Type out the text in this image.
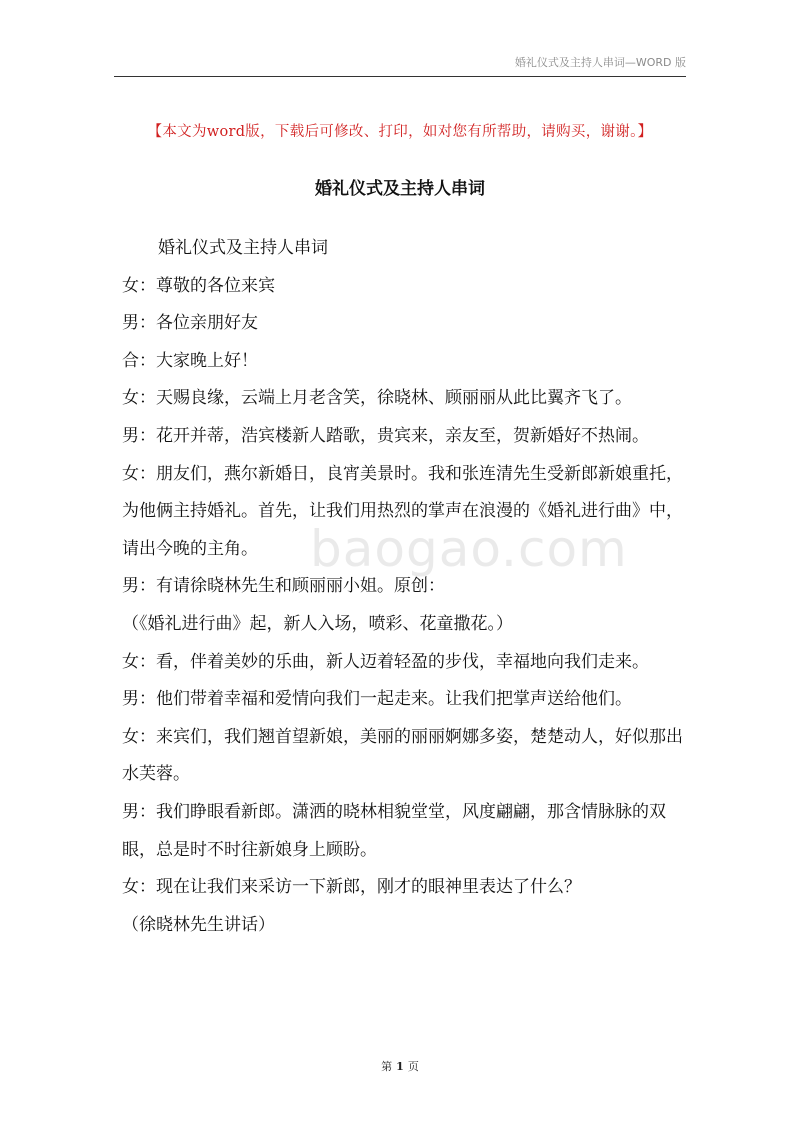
婚礼仪式及主持人串词—WORD 版
【本文为word版，下载后可修改、打印，如对您有所帮助，请购买，谢谢。】
婚礼仪式及主持人串词
baogao.com

婚礼仪式及主持人串词

女：尊敬的各位来宾

男：各位亲朋好友

合：大家晚上好！

女：天赐良缘，云端上月老含笑，徐晓林、顾丽丽从此比翼齐飞了。

男：花开并蒂，浩宾楼新人踏歌，贵宾来，亲友至，贺新婚好不热闹。

女：朋友们，燕尔新婚日，良宵美景时。我和张连清先生受新郎新娘重托，为他俩主持婚礼。首先，让我们用热烈的掌声在浪漫的《婚礼进行曲》中，请出今晚的主角。

男：有请徐晓林先生和顾丽丽小姐。原创：

（《婚礼进行曲》起，新人入场，喷彩、花童撒花。）

女：看，伴着美妙的乐曲，新人迈着轻盈的步伐，幸福地向我们走来。

男：他们带着幸福和爱情向我们一起走来。让我们把掌声送给他们。

女：来宾们，我们翘首望新娘，美丽的丽丽婀娜多姿，楚楚动人，好似那出水芙蓉。

男：我们睁眼看新郎。潇洒的晓林相貌堂堂，风度翩翩，那含情脉脉的双眼，总是时不时往新娘身上顾盼。

女：现在让我们来采访一下新郎，刚才的眼神里表达了什么？

（徐晓林先生讲话）

第 1 页
